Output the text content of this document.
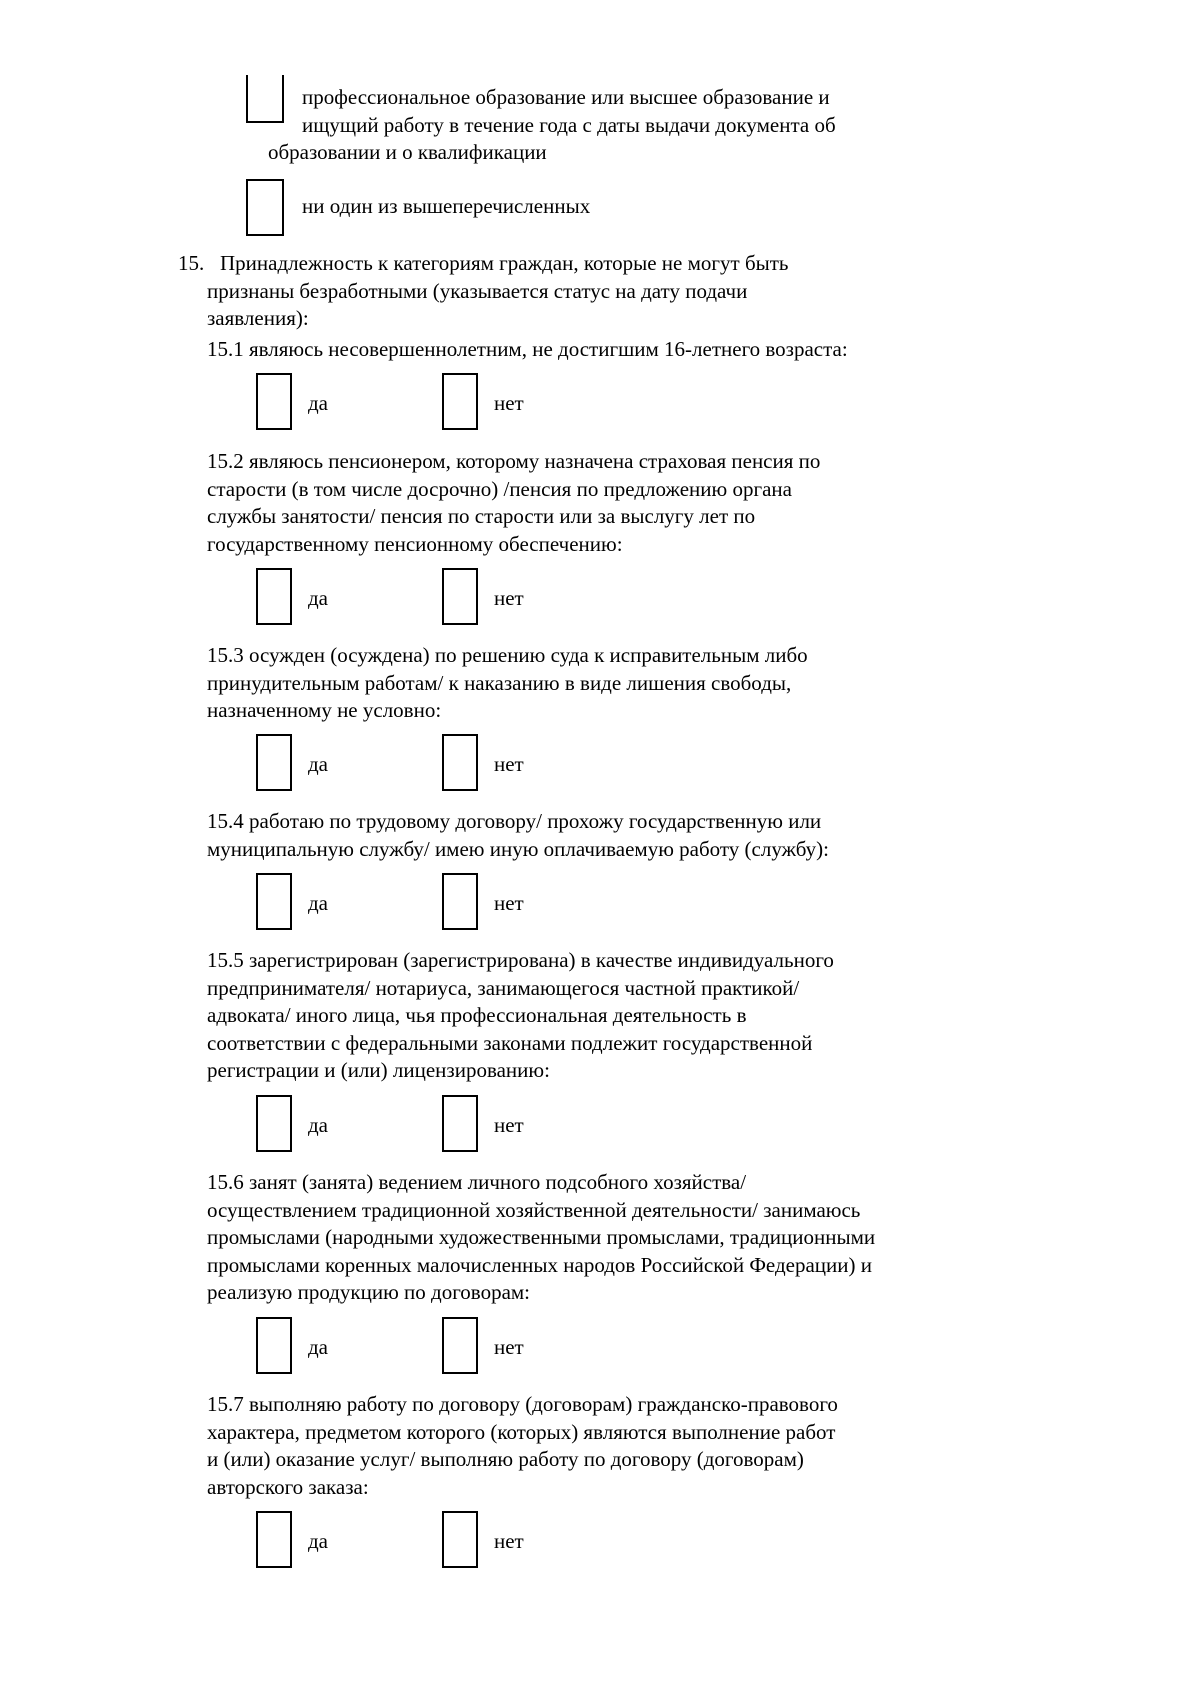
профессиональное образование или высшее образование и

ищущий работу в течение года с даты выдачи документа об

образовании и о квалификации

ни один из вышеперечисленных

15. Принадлежность к категориям граждан, которые не могут быть

признаны безработными (указывается статус на дату подачи

заявления):

15.1 являюсь несовершеннолетним, не достигшим 16-летнего возраста:

да	нет

15.2 являюсь пенсионером, которому назначена страховая пенсия по

старости (в том числе досрочно) /пенсия по предложению органа

службы занятости/ пенсия по старости или за выслугу лет по

государственному пенсионному обеспечению:

да	нет

15.3 осужден (осуждена) по решению суда к исправительным либо

принудительным работам/ к наказанию в виде лишения свободы,

назначенному не условно:

да	нет

15.4 работаю по трудовому договору/ прохожу государственную или

муниципальную службу/ имею иную оплачиваемую работу (службу):

да	нет

15.5 зарегистрирован (зарегистрирована) в качестве индивидуального

предпринимателя/ нотариуса, занимающегося частной практикой/

адвоката/ иного лица, чья профессиональная деятельность в

соответствии с федеральными законами подлежит государственной

регистрации и (или) лицензированию:

да	нет

15.6 занят (занята) ведением личного подсобного хозяйства/

осуществлением традиционной хозяйственной деятельности/ занимаюсь

промыслами (народными художественными промыслами, традиционными

промыслами коренных малочисленных народов Российской Федерации) и

реализую продукцию по договорам:

да	нет

15.7 выполняю работу по договору (договорам) гражданско-правового

характера, предметом которого (которых) являются выполнение работ

и (или) оказание услуг/ выполняю работу по договору (договорам)

авторского заказа:

да	нет
